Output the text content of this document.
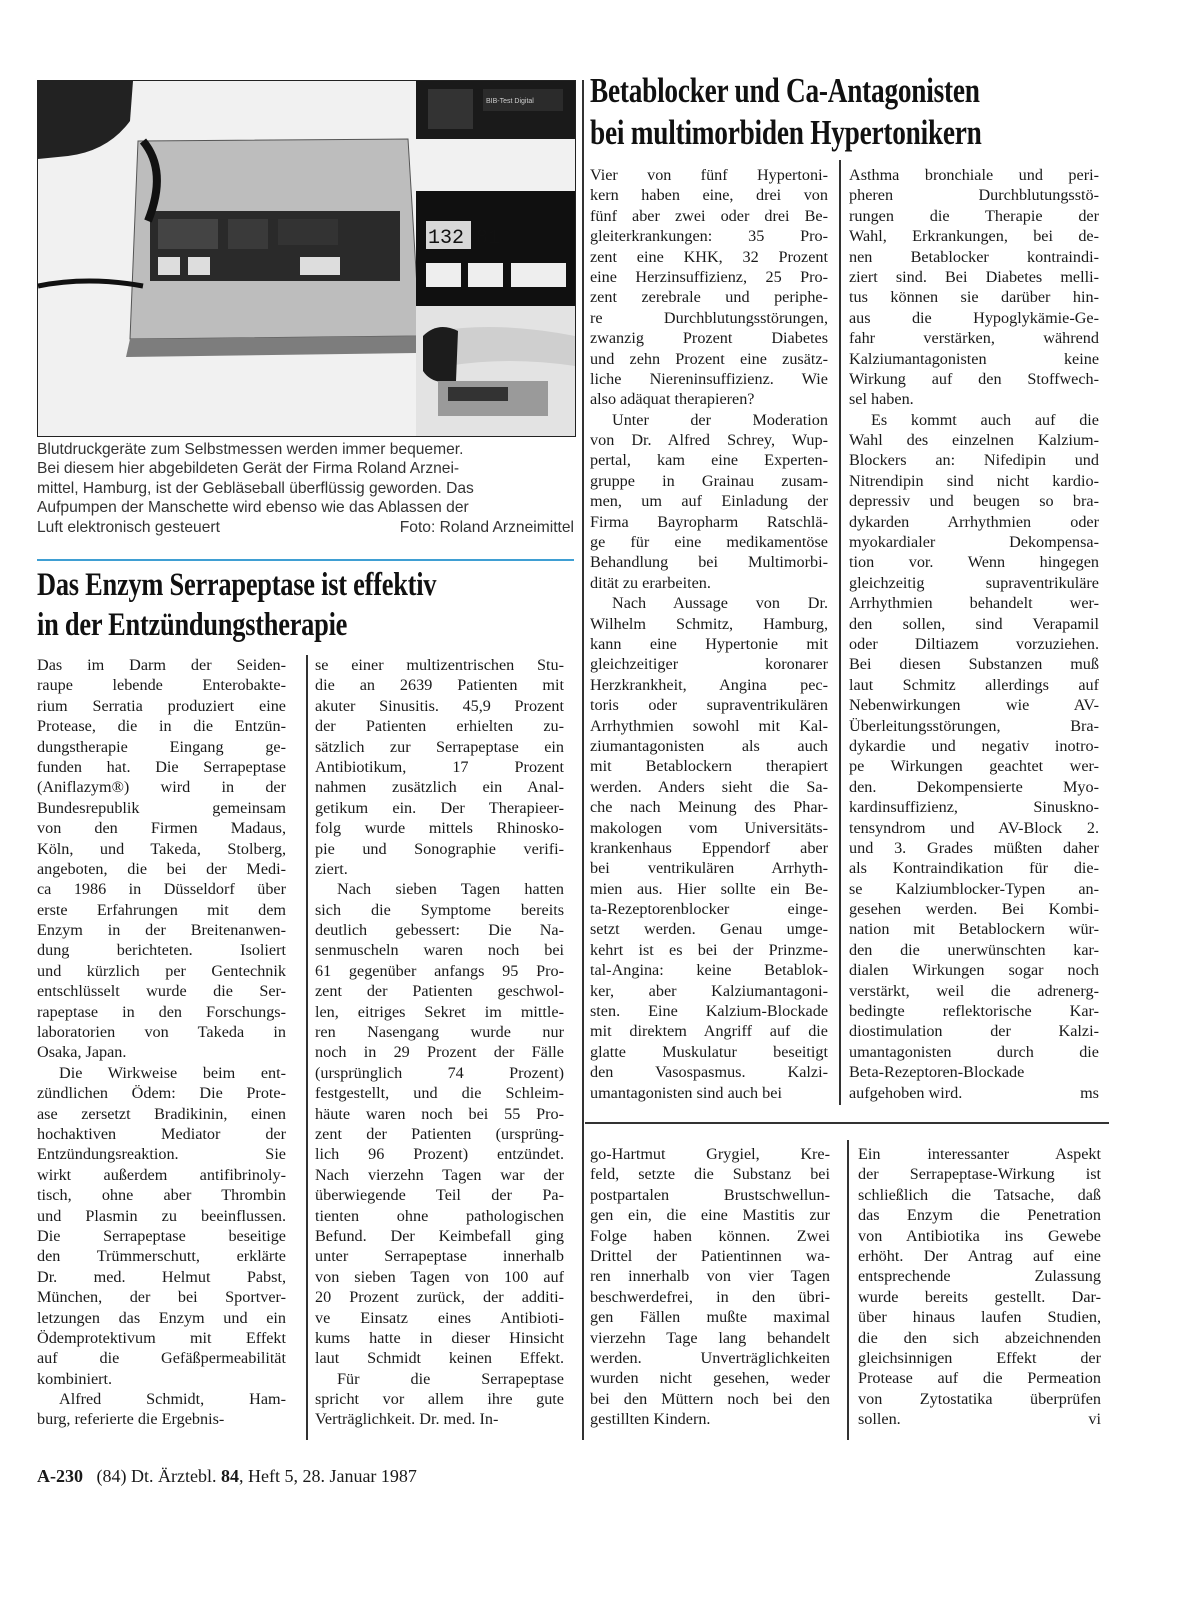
BIB-Test Digital
132 81
Blutdruckgeräte zum Selbstmessen werden immer bequemer.
Bei diesem hier abgebildeten Gerät der Firma Roland Arznei-
mittel, Hamburg, ist der Gebläseball überflüssig geworden. Das
Aufpumpen der Manschette wird ebenso wie das Ablassen der
Luft elektronisch gesteuert	Foto: Roland Arzneimittel
Das Enzym Serrapeptase ist effektiv
in der Entzündungstherapie
Betablocker und Ca-Antagonisten
bei multimorbiden Hypertonikern
Das im Darm der Seiden-
raupe lebende Enterobakte-
rium Serratia produziert eine
Protease, die in die Entzün-
dungstherapie Eingang ge-
funden hat. Die Serrapeptase
(Aniflazym®) wird in der
Bundesrepublik gemeinsam
von den Firmen Madaus,
Köln, und Takeda, Stolberg,
angeboten, die bei der Medi-
ca 1986 in Düsseldorf über
erste Erfahrungen mit dem
Enzym in der Breitenanwen-
dung berichteten. Isoliert
und kürzlich per Gentechnik
entschlüsselt wurde die Ser-
rapeptase in den Forschungs-
laboratorien von Takeda in
Osaka, Japan.
Die Wirkweise beim ent-
zündlichen Ödem: Die Prote-
ase zersetzt Bradikinin, einen
hochaktiven Mediator der
Entzündungsreaktion. Sie
wirkt außerdem antifibrinoly-
tisch, ohne aber Thrombin
und Plasmin zu beeinflussen.
Die Serrapeptase beseitige
den Trümmerschutt, erklärte
Dr. med. Helmut Pabst,
München, der bei Sportver-
letzungen das Enzym und ein
Ödemprotektivum mit Effekt
auf die Gefäßpermeabilität
kombiniert.
Alfred Schmidt, Ham-
burg, referierte die Ergebnis-
se einer multizentrischen Stu-
die an 2639 Patienten mit
akuter Sinusitis. 45,9 Prozent
der Patienten erhielten zu-
sätzlich zur Serrapeptase ein
Antibiotikum, 17 Prozent
nahmen zusätzlich ein Anal-
getikum ein. Der Therapieer-
folg wurde mittels Rhinosko-
pie und Sonographie verifi-
ziert.
Nach sieben Tagen hatten
sich die Symptome bereits
deutlich gebessert: Die Na-
senmuscheln waren noch bei
61 gegenüber anfangs 95 Pro-
zent der Patienten geschwol-
len, eitriges Sekret im mittle-
ren Nasengang wurde nur
noch in 29 Prozent der Fälle
(ursprünglich 74 Prozent)
festgestellt, und die Schleim-
häute waren noch bei 55 Pro-
zent der Patienten (ursprüng-
lich 96 Prozent) entzündet.
Nach vierzehn Tagen war der
überwiegende Teil der Pa-
tienten ohne pathologischen
Befund. Der Keimbefall ging
unter Serrapeptase innerhalb
von sieben Tagen von 100 auf
20 Prozent zurück, der additi-
ve Einsatz eines Antibioti-
kums hatte in dieser Hinsicht
laut Schmidt keinen Effekt.
Für die Serrapeptase
spricht vor allem ihre gute
Verträglichkeit. Dr. med. In-
Vier von fünf Hypertoni-
kern haben eine, drei von
fünf aber zwei oder drei Be-
gleiterkrankungen: 35 Pro-
zent eine KHK, 32 Prozent
eine Herzinsuffizienz, 25 Pro-
zent zerebrale und periphe-
re Durchblutungsstörungen,
zwanzig Prozent Diabetes
und zehn Prozent eine zusätz-
liche Niereninsuffizienz. Wie
also adäquat therapieren?
Unter der Moderation
von Dr. Alfred Schrey, Wup-
pertal, kam eine Experten-
gruppe in Grainau zusam-
men, um auf Einladung der
Firma Bayropharm Ratschlä-
ge für eine medikamentöse
Behandlung bei Multimorbi-
dität zu erarbeiten.
Nach Aussage von Dr.
Wilhelm Schmitz, Hamburg,
kann eine Hypertonie mit
gleichzeitiger koronarer
Herzkrankheit, Angina pec-
toris oder supraventrikulären
Arrhythmien sowohl mit Kal-
ziumantagonisten als auch
mit Betablockern therapiert
werden. Anders sieht die Sa-
che nach Meinung des Phar-
makologen vom Universitäts-
krankenhaus Eppendorf aber
bei ventrikulären Arrhyth-
mien aus. Hier sollte ein Be-
ta-Rezeptorenblocker einge-
setzt werden. Genau umge-
kehrt ist es bei der Prinzme-
tal-Angina: keine Betablok-
ker, aber Kalziumantagoni-
sten. Eine Kalzium-Blockade
mit direktem Angriff auf die
glatte Muskulatur beseitigt
den Vasospasmus. Kalzi-
umantagonisten sind auch bei
Asthma bronchiale und peri-
pheren Durchblutungsstö-
rungen die Therapie der
Wahl, Erkrankungen, bei de-
nen Betablocker kontraindi-
ziert sind. Bei Diabetes melli-
tus können sie darüber hin-
aus die Hypoglykämie-Ge-
fahr verstärken, während
Kalziumantagonisten keine
Wirkung auf den Stoffwech-
sel haben.
Es kommt auch auf die
Wahl des einzelnen Kalzium-
Blockers an: Nifedipin und
Nitrendipin sind nicht kardio-
depressiv und beugen so bra-
dykarden Arrhythmien oder
myokardialer Dekompensa-
tion vor. Wenn hingegen
gleichzeitig supraventrikuläre
Arrhythmien behandelt wer-
den sollen, sind Verapamil
oder Diltiazem vorzuziehen.
Bei diesen Substanzen muß
laut Schmitz allerdings auf
Nebenwirkungen wie AV-
Überleitungsstörungen, Bra-
dykardie und negativ inotro-
pe Wirkungen geachtet wer-
den. Dekompensierte Myo-
kardinsuffizienz, Sinuskno-
tensyndrom und AV-Block 2.
und 3. Grades müßten daher
als Kontraindikation für die-
se Kalziumblocker-Typen an-
gesehen werden. Bei Kombi-
nation mit Betablockern wür-
den die unerwünschten kar-
dialen Wirkungen sogar noch
verstärkt, weil die adrenerg-
bedingte reflektorische Kar-
diostimulation der Kalzi-
umantagonisten durch die
Beta-Rezeptoren-Blockade
aufgehoben wird.	ms
go-Hartmut Grygiel, Kre-
feld, setzte die Substanz bei
postpartalen Brustschwellun-
gen ein, die eine Mastitis zur
Folge haben können. Zwei
Drittel der Patientinnen wa-
ren innerhalb von vier Tagen
beschwerdefrei, in den übri-
gen Fällen mußte maximal
vierzehn Tage lang behandelt
werden. Unverträglichkeiten
wurden nicht gesehen, weder
bei den Müttern noch bei den
gestillten Kindern.
Ein interessanter Aspekt
der Serrapeptase-Wirkung ist
schließlich die Tatsache, daß
das Enzym die Penetration
von Antibiotika ins Gewebe
erhöht. Der Antrag auf eine
entsprechende Zulassung
wurde bereits gestellt. Dar-
über hinaus laufen Studien,
die den sich abzeichnenden
gleichsinnigen Effekt der
Protease auf die Permeation
von Zytostatika überprüfen
sollen.	vi
A-230 (84) Dt. Ärztebl. 84, Heft 5, 28. Januar 1987
